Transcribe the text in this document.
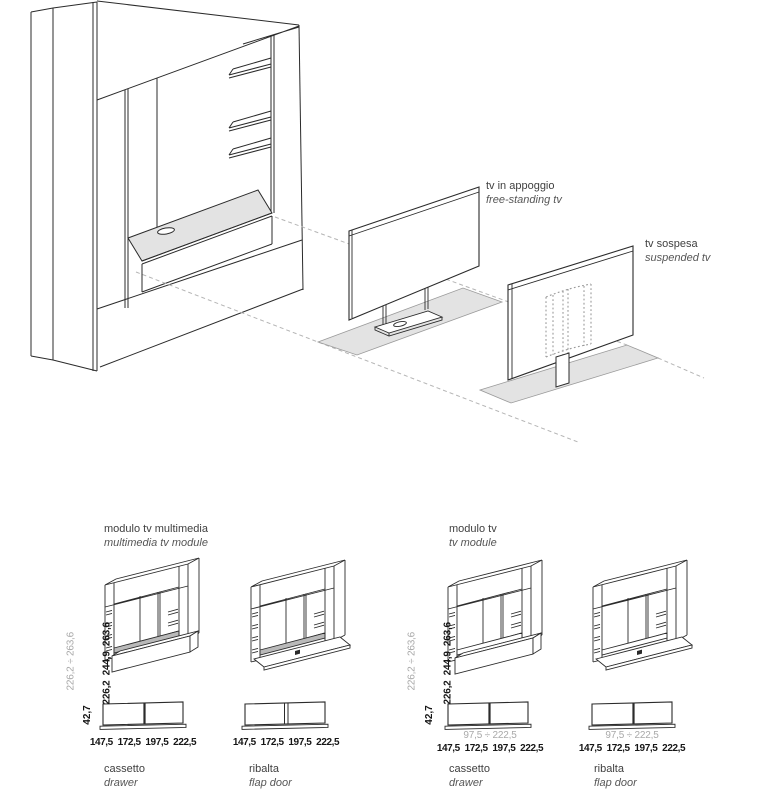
tv in appoggio
free-standing tv
tv sospesa
suspended tv
modulo tv multimedia
multimedia tv module
modulo tv
tv module

226,2 ÷ 263,6

	226,2  244,9  263,6

	226,2 ÷ 263,6

	226,2  244,9  263,6

42,7	42,7
147,5  172,5  197,5  222,5	147,5  172,5  197,5  222,5
97,5 ÷ 222,5
147,5  172,5  197,5  222,5
97,5 ÷ 222,5
147,5  172,5  197,5  222,5
cassetto
drawer
ribalta
flap door
cassetto
drawer
ribalta
flap door
